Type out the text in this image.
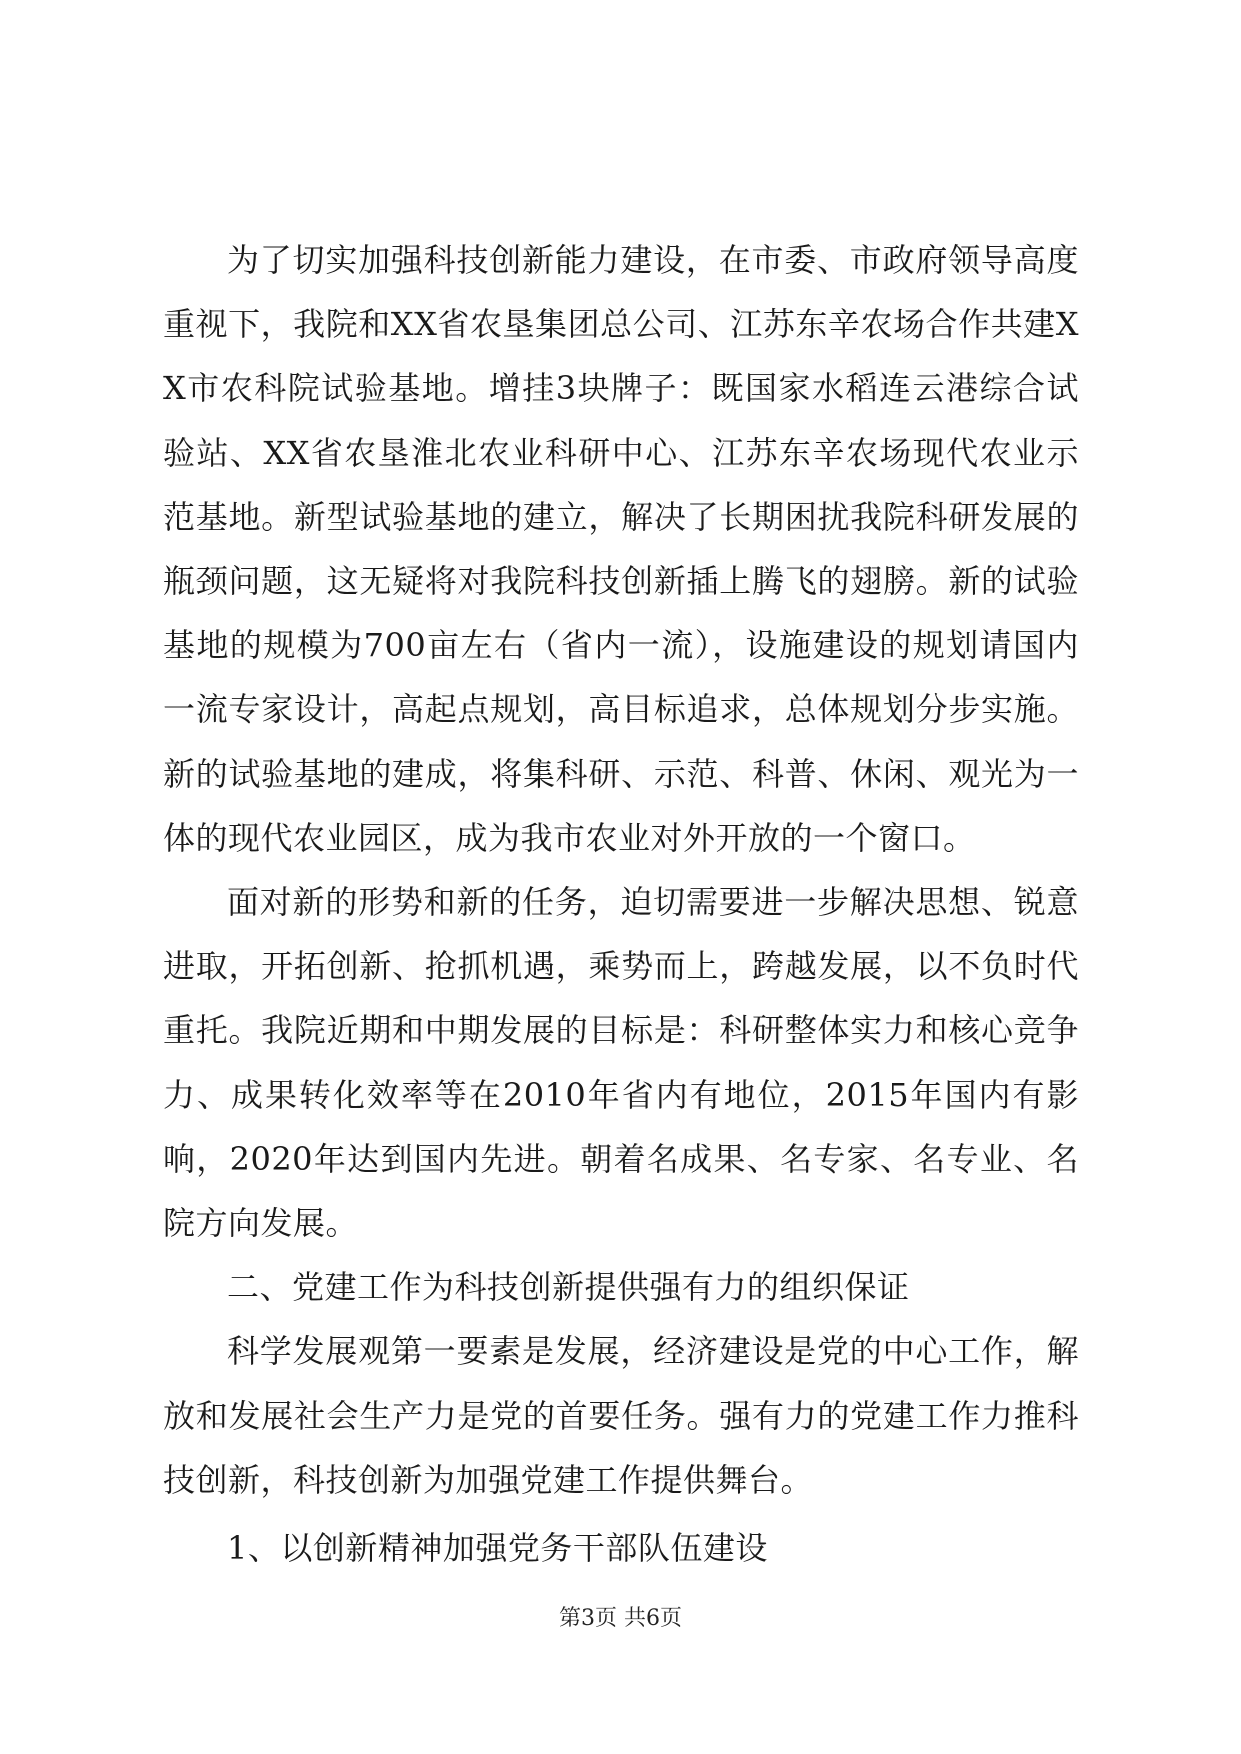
为了切实加强科技创新能力建设，在市委、市政府领导高度重视下，我院和XX省农垦集团总公司、江苏东辛农场合作共建XX市农科院试验基地。增挂3块牌子：既国家水稻连云港综合试验站、XX省农垦淮北农业科研中心、江苏东辛农场现代农业示范基地。新型试验基地的建立，解决了长期困扰我院科研发展的瓶颈问题，这无疑将对我院科技创新插上腾飞的翅膀。新的试验基地的规模为700亩左右（省内一流），设施建设的规划请国内一流专家设计，高起点规划，高目标追求，总体规划分步实施。新的试验基地的建成，将集科研、示范、科普、休闲、观光为一体的现代农业园区，成为我市农业对外开放的一个窗口。

面对新的形势和新的任务，迫切需要进一步解决思想、锐意进取，开拓创新、抢抓机遇，乘势而上，跨越发展，以不负时代重托。我院近期和中期发展的目标是：科研整体实力和核心竞争力、成果转化效率等在2010年省内有地位，2015年国内有影响，2020年达到国内先进。朝着名成果、名专家、名专业、名院方向发展。

二、党建工作为科技创新提供强有力的组织保证

科学发展观第一要素是发展，经济建设是党的中心工作，解放和发展社会生产力是党的首要任务。强有力的党建工作力推科技创新，科技创新为加强党建工作提供舞台。

1、以创新精神加强党务干部队伍建设

第3页 共6页
